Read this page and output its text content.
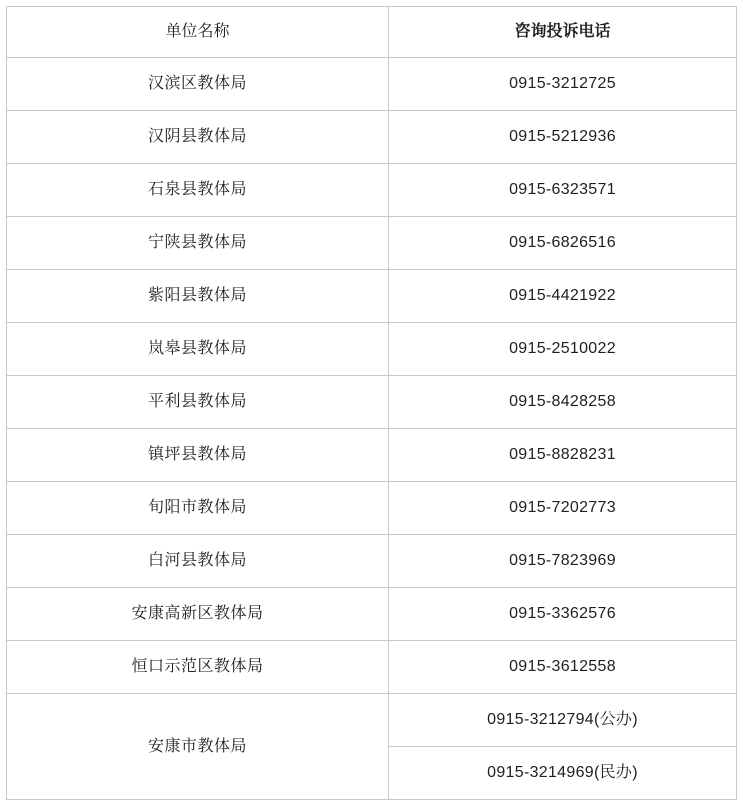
单位名称	咨询投诉电话
汉滨区教体局	0915-3212725
汉阴县教体局	0915-5212936
石泉县教体局	0915-6323571
宁陕县教体局	0915-6826516
紫阳县教体局	0915-4421922
岚皋县教体局	0915-2510022
平利县教体局	0915-8428258
镇坪县教体局	0915-8828231
旬阳市教体局	0915-7202773
白河县教体局	0915-7823969
安康高新区教体局	0915-3362576
恒口示范区教体局	0915-3612558
安康市教体局	0915-3212794(公办)
	0915-3214969(民办)
